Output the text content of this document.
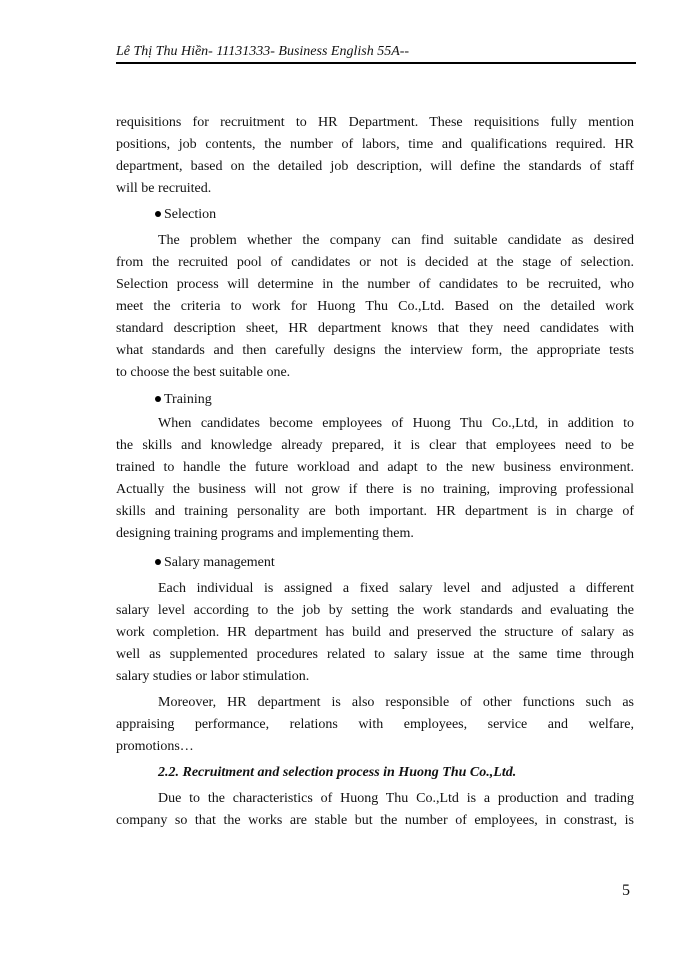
Lê Thị Thu Hiền- 11131333- Business English 55A--
requisitions for recruitment to HR Department. These requisitions fully mention
positions, job contents, the number of labors, time and qualifications required. HR
department, based on the detailed job description, will define the standards of staff
will be recruited.
The problem whether the company can find suitable candidate as desired
from the recruited pool of candidates or not is decided at the stage of selection.
Selection process will determine in the number of candidates to be recruited, who
meet the criteria to work for Huong Thu Co.,Ltd. Based on the detailed work
standard description sheet, HR department knows that they need candidates with
what standards and then carefully designs the interview form, the appropriate tests
to choose the best suitable one.
When candidates become employees of Huong Thu Co.,Ltd, in addition to
the skills and knowledge already prepared, it is clear that employees need to be
trained to handle the future workload and adapt to the new business environment.
Actually the business will not grow if there is no training, improving professional
skills and training personality are both important. HR department is in charge of
designing training programs and implementing them.
Each individual is assigned a fixed salary level and adjusted a different
salary level according to the job by setting the work standards and evaluating the
work completion. HR department has build and preserved the structure of salary as
well as supplemented procedures related to salary issue at the same time through
salary studies or labor stimulation.
Moreover, HR department is also responsible of other functions such as
appraising performance, relations with employees, service and welfare,
promotions…
Due to the characteristics of Huong Thu Co.,Ltd is a production and trading
company so that the works are stable but the number of employees, in constrast, is
Selection
Training
Salary management
2.2. Recruitment and selection process in Huong Thu Co.,Ltd.
5
